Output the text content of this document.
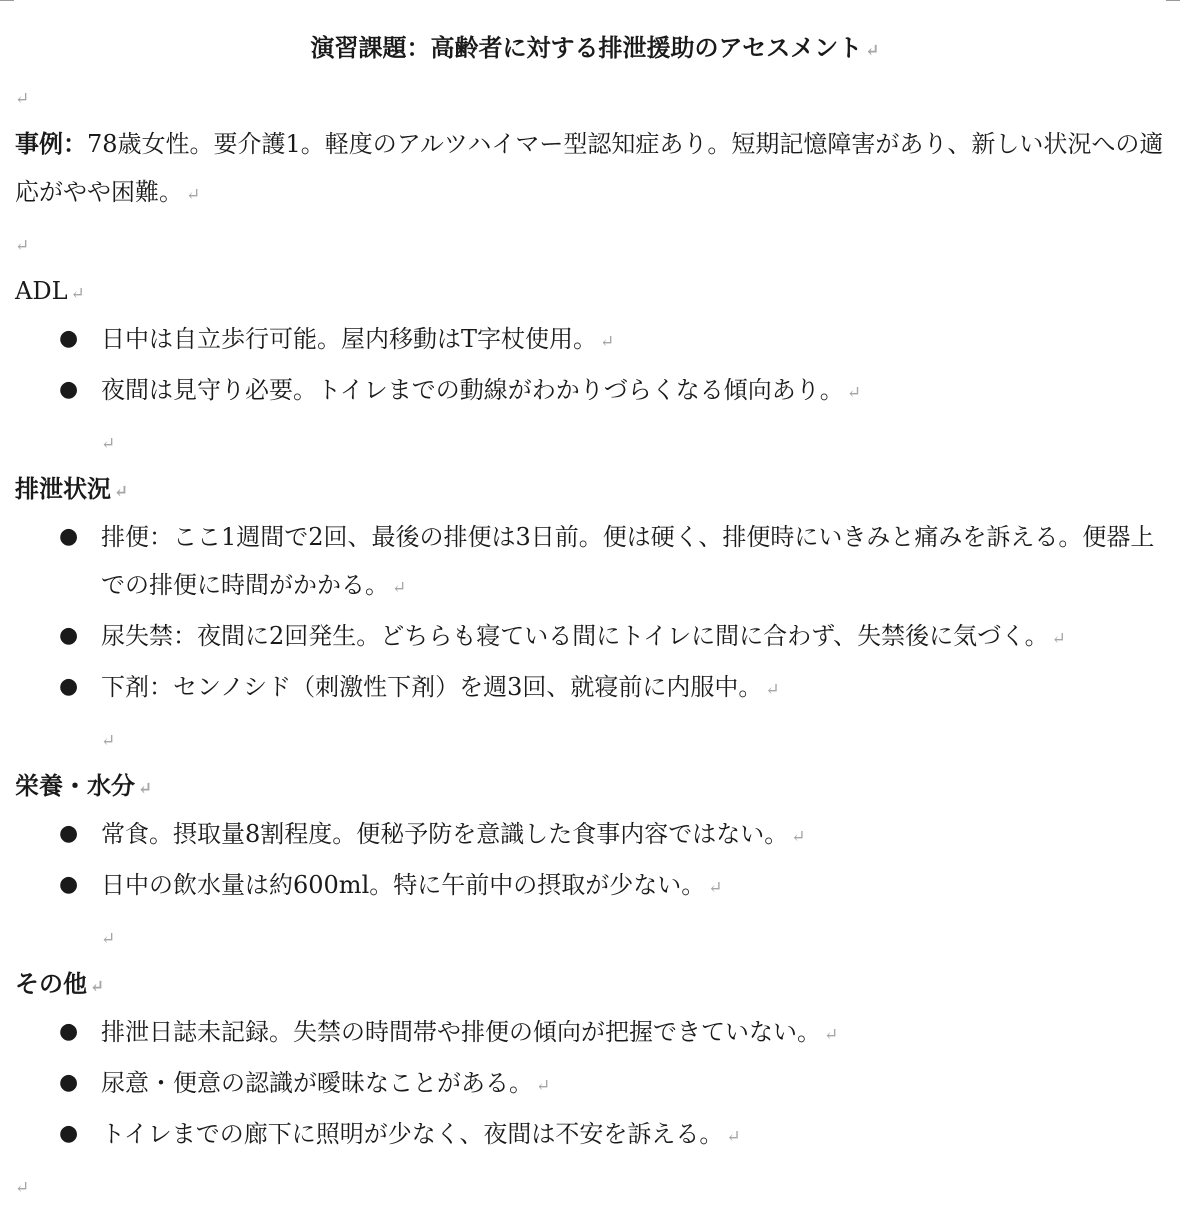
演習課題：高齢者に対する排泄援助のアセスメント ↵
↵
事例：78歳女性。要介護1。軽度のアルツハイマー型認知症あり。短期記憶障害があり、新しい状況への適応がやや困難。 ↵
↵
ADL ↵
● 日中は自立歩行可能。屋内移動はT字杖使用。 ↵
● 夜間は見守り必要。トイレまでの動線がわかりづらくなる傾向あり。 ↵
↵
排泄状況 ↵
● 排便：ここ1週間で2回、最後の排便は3日前。便は硬く、排便時にいきみと痛みを訴える。便器上での排便に時間がかかる。 ↵
● 尿失禁：夜間に2回発生。どちらも寝ている間にトイレに間に合わず、失禁後に気づく。 ↵
● 下剤：センノシド（刺激性下剤）を週3回、就寝前に内服中。 ↵
↵
栄養・水分 ↵
● 常食。摂取量8割程度。便秘予防を意識した食事内容ではない。 ↵
● 日中の飲水量は約600ml。特に午前中の摂取が少ない。 ↵
↵
その他 ↵
● 排泄日誌未記録。失禁の時間帯や排便の傾向が把握できていない。 ↵
● 尿意・便意の認識が曖昧なことがある。 ↵
● トイレまでの廊下に照明が少なく、夜間は不安を訴える。 ↵
↵
